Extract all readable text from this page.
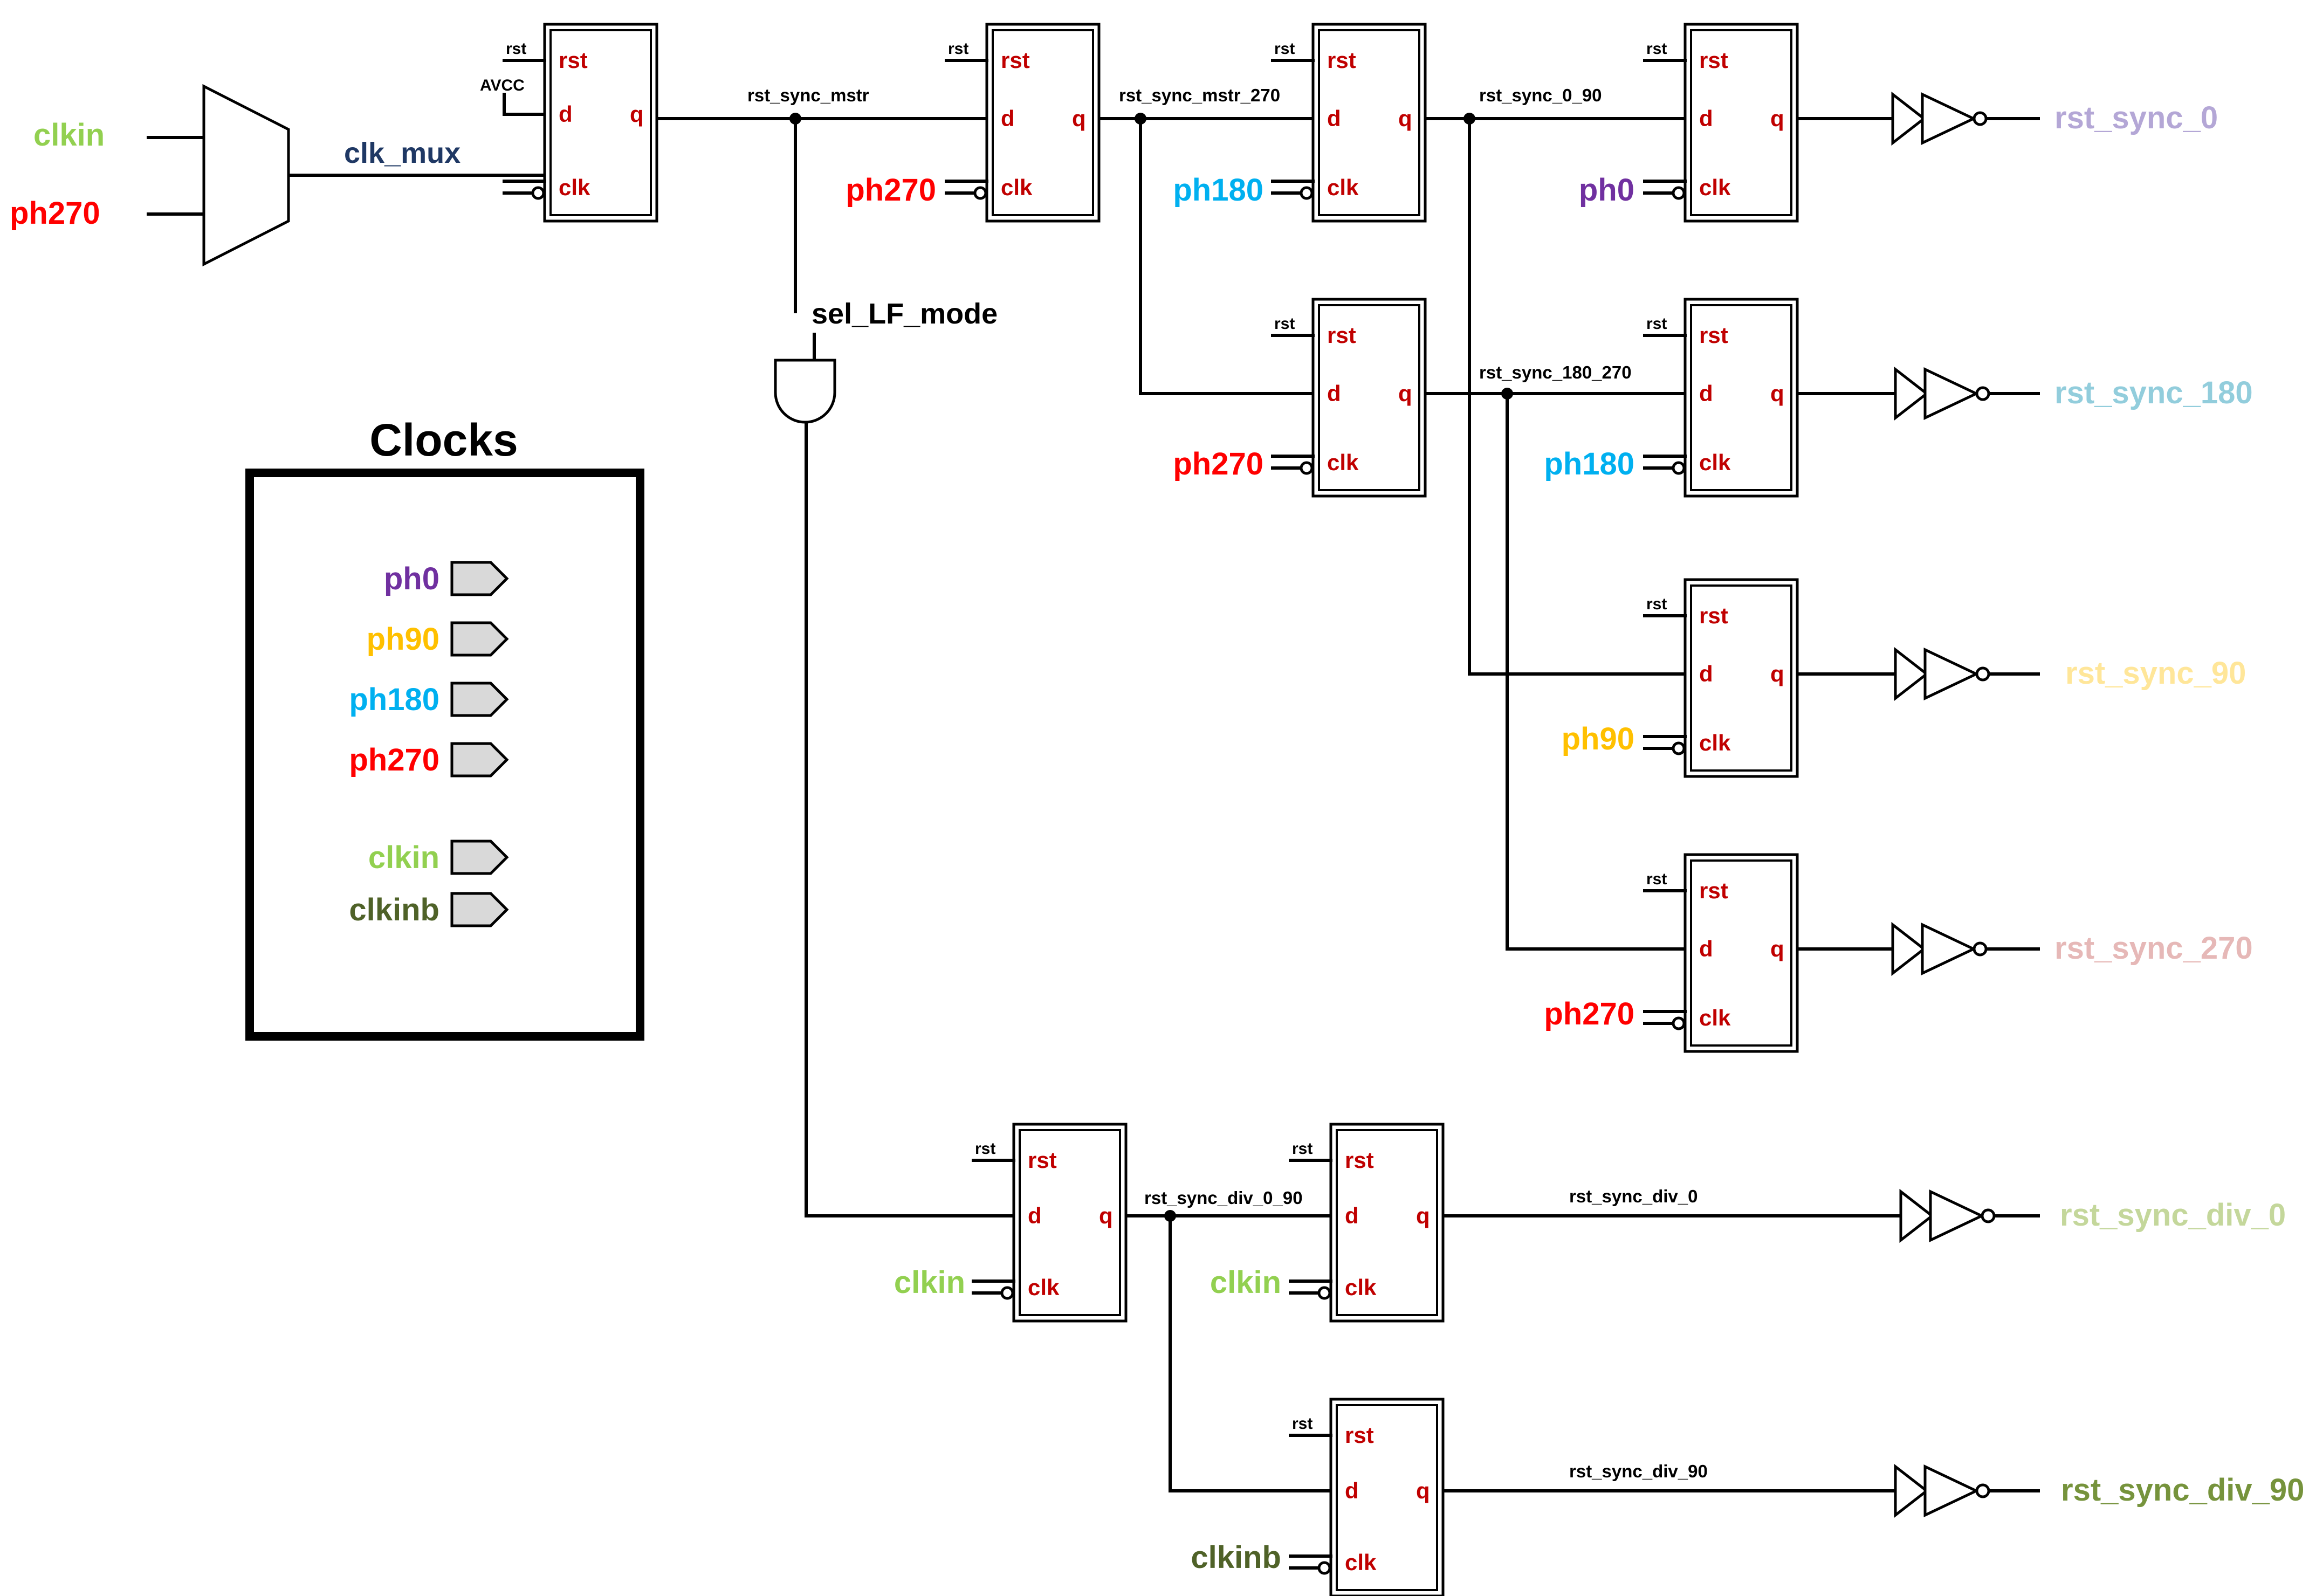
rst rst
d	q
clk
rst rst
d	q
clk
rst rst
d	q
clk
rst rst
d	q
clk
rst rst
d	q
clk
rst rst
d	q
clk
rst rst
d	q
clk
rst rst
d	q
clk
rst rst
d	q
clk
rst rst
d	q
clk
rst rst
d	q
clk
clkin
ph270
clk_mux
AVCC	rst_sync_mstr	rst_sync_mstr_270	rst_sync_0_90
rst_sync_180_270
sel_LF_mode
rst_sync_div_0_90	rst_sync_div_0
rst_sync_div_90
ph270	ph180	ph0
ph270	ph180
ph90
ph270
clkin	clkin
clkinb
rst_sync_0
rst_sync_180
rst_sync_90
rst_sync_270
rst_sync_div_0
rst_sync_div_90
Clocks
ph0
ph90
ph180
ph270
clkin
clkinb
